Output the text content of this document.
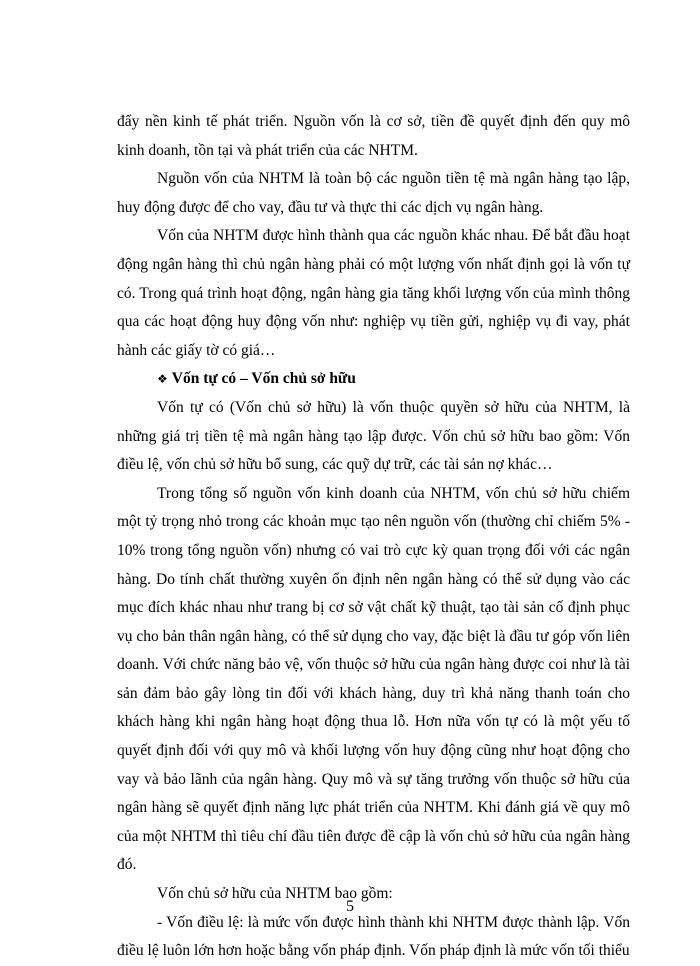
đẩy nền kinh tế phát triển. Nguồn vốn là cơ sở, tiền đề quyết định đến quy mô kinh doanh, tồn tại và phát triển của các NHTM.

Nguồn vốn của NHTM là toàn bộ các nguồn tiền tệ mà ngân hàng tạo lập, huy động được để cho vay, đầu tư và thực thi các dịch vụ ngân hàng.

Vốn của NHTM được hình thành qua các nguồn khác nhau. Để bắt đầu hoạt động ngân hàng thì chủ ngân hàng phải có một lượng vốn nhất định gọi là vốn tự có. Trong quá trình hoạt động, ngân hàng gia tăng khối lượng vốn của mình thông qua các hoạt động huy động vốn như: nghiệp vụ tiền gửi, nghiệp vụ đi vay, phát hành các giấy tờ có giá…

❖ Vốn tự có – Vốn chủ sở hữu

Vốn tự có (Vốn chủ sở hữu) là vốn thuộc quyền sở hữu của NHTM, là những giá trị tiền tệ mà ngân hàng tạo lập được. Vốn chủ sở hữu bao gồm: Vốn điều lệ, vốn chủ sở hữu bổ sung, các quỹ dự trữ, các tài sản nợ khác…

Trong tổng số nguồn vốn kinh doanh của NHTM, vốn chủ sở hữu chiếm một tỷ trọng nhỏ trong các khoản mục tạo nên nguồn vốn (thường chỉ chiếm 5% - 10% trong tổng nguồn vốn) nhưng có vai trò cực kỳ quan trọng đối với các ngân hàng. Do tính chất thường xuyên ổn định nên ngân hàng có thể sử dụng vào các mục đích khác nhau như trang bị cơ sở vật chất kỹ thuật, tạo tài sản cố định phục vụ cho bản thân ngân hàng, có thể sử dụng cho vay, đặc biệt là đầu tư góp vốn liên doanh. Với chức năng bảo vệ, vốn thuộc sở hữu của ngân hàng được coi như là tài sản đảm bảo gây lòng tin đối với khách hàng, duy trì khả năng thanh toán cho khách hàng khi ngân hàng hoạt động thua lỗ. Hơn nữa vốn tự có là một yếu tố quyết định đối với quy mô và khối lượng vốn huy động cũng như hoạt động cho vay và bảo lãnh của ngân hàng. Quy mô và sự tăng trưởng vốn thuộc sở hữu của ngân hàng sẽ quyết định năng lực phát triển của NHTM. Khi đánh giá về quy mô của một NHTM thì tiêu chí đầu tiên được đề cập là vốn chủ sở hữu của ngân hàng đó.

Vốn chủ sở hữu của NHTM bao gồm:

- Vốn điều lệ: là mức vốn được hình thành khi NHTM được thành lập. Vốn điều lệ luôn lớn hơn hoặc bằng vốn pháp định. Vốn pháp định là mức vốn tối thiểu

5
